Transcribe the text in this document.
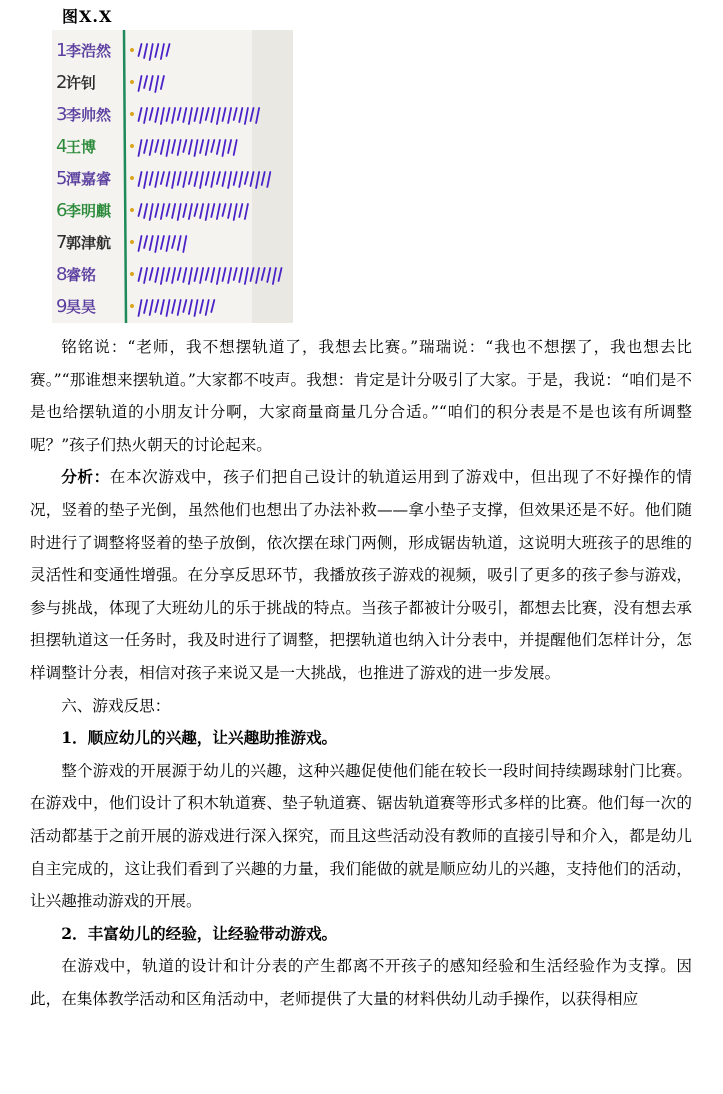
图X.X
1
李浩然
2
许钊
3
李帅然
4
王博
5
潭嘉睿
6
李明麒
7
郭津航
8
睿铭
9
昊昊

铭铭说：“老师，我不想摆轨道了，我想去比赛。”瑞瑞说：“我也不想摆了，我也想去比赛。”“那谁想来摆轨道。”大家都不吱声。我想：肯定是计分吸引了大家。于是，我说：“咱们是不是也给摆轨道的小朋友计分啊，大家商量商量几分合适。”“咱们的积分表是不是也该有所调整呢？”孩子们热火朝天的讨论起来。

分析：在本次游戏中，孩子们把自己设计的轨道运用到了游戏中，但出现了不好操作的情况，竖着的垫子光倒，虽然他们也想出了办法补救——拿小垫子支撑，但效果还是不好。他们随时进行了调整将竖着的垫子放倒，依次摆在球门两侧，形成锯齿轨道，这说明大班孩子的思维的灵活性和变通性增强。在分享反思环节，我播放孩子游戏的视频，吸引了更多的孩子参与游戏，参与挑战，体现了大班幼儿的乐于挑战的特点。当孩子都被计分吸引，都想去比赛，没有想去承担摆轨道这一任务时，我及时进行了调整，把摆轨道也纳入计分表中，并提醒他们怎样计分，怎样调整计分表，相信对孩子来说又是一大挑战，也推进了游戏的进一步发展。

六、游戏反思：

1．顺应幼儿的兴趣，让兴趣助推游戏。

整个游戏的开展源于幼儿的兴趣，这种兴趣促使他们能在较长一段时间持续踢球射门比赛。在游戏中，他们设计了积木轨道赛、垫子轨道赛、锯齿轨道赛等形式多样的比赛。他们每一次的活动都基于之前开展的游戏进行深入探究，而且这些活动没有教师的直接引导和介入，都是幼儿自主完成的，这让我们看到了兴趣的力量，我们能做的就是顺应幼儿的兴趣，支持他们的活动，让兴趣推动游戏的开展。

2．丰富幼儿的经验，让经验带动游戏。

在游戏中，轨道的设计和计分表的产生都离不开孩子的感知经验和生活经验作为支撑。因此，在集体教学活动和区角活动中，老师提供了大量的材料供幼儿动手操作，以获得相应
